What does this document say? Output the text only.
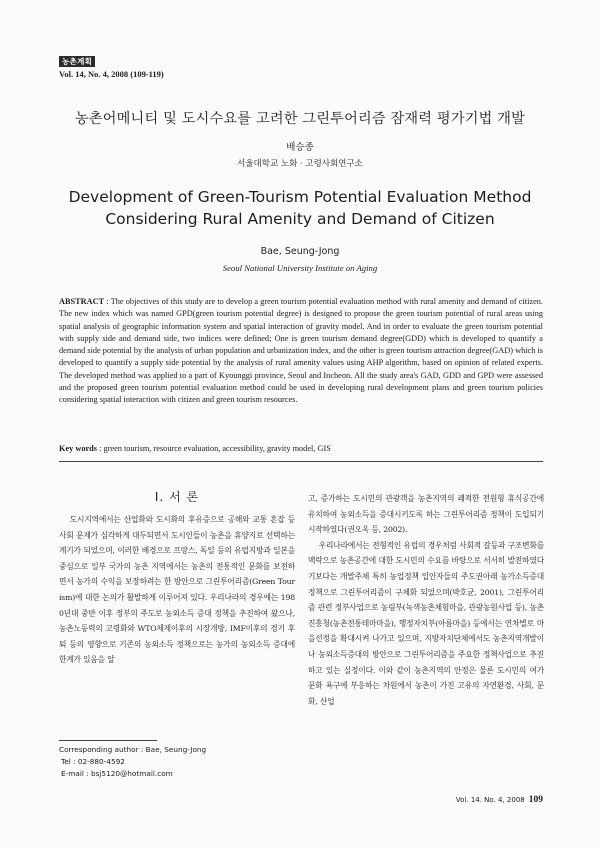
농촌계획
Vol. 14, No. 4, 2008 (109-119)
농촌어메니티 및 도시수요를 고려한 그린투어리즘 잠재력 평가기법 개발
배승종
서울대학교 노화 · 고령사회연구소
Development of Green-Tourism Potential Evaluation Method
Considering Rural Amenity and Demand of Citizen
Bae, Seung-Jong
Seoul National University Institute on Aging

ABSTRACT : The objectives of this study are to develop a green tourism potential evaluation method with rural amenity and demand of citizen. The new index which was named GPD(green tourism potential degree) is designed to propose the green tourism potential of rural areas using spatial analysis of geographic information system and spatial interaction of gravity model. And in order to evaluate the green tourism potential with supply side and demand side, two indices were defined; One is green tourism demand degree(GDD) which is developed to quantify a demand side potential by the analysis of urban population and urbanization index, and the other is green tourism attraction degree(GAD) which is developed to quantify a supply side potential by the analysis of rural amenity values using AHP algorithm, based on opinion of related experts. The developed method was applied to a part of Kyounggi province, Seoul and Incheon. All the study area's GAD, GDD and GPD were assessed and the proposed green tourism potential evaluation method could be used in developing rural development plans and green tourism policies considering spatial interaction with citizen and green tourism resources.

Key words : green tourism, resource evaluation, accessibility, gravity model, GIS
I. 서 론

도시지역에서는 산업화와 도시화의 후유증으로 공해와 교통 혼잡 등 사회 문제가 심각하게 대두되면서 도시인들이 농촌을 휴양지로 선택하는 계기가 되었으며, 이러한 배경으로 프랑스, 독일 등의 유럽지방과 일본을 중심으로 일부 국가의 농촌 지역에서는 농촌의 전통적인 문화를 보전하면서 농가의 수익을 보장하려는 한 방안으로 그린투어리즘(Green Tourism)에 대한 논의가 활발하게 이루어져 있다. 우리나라의 경우에는 1980년대 중반 이후 정부의 주도로 농외소득 증대 정책을 추진하여 왔으나, 농촌노동력의 고령화와 WTO체제이후의 시장개방, IMF이후의 경기 후퇴 등의 영향으로 기존의 농외소득 정책으로는 농가의 농외소득 증대에 한계가 있음을 알

고, 증가하는 도시민의 관광객을 농촌지역의 쾌적한 전원형 휴식공간에 유치하여 농외소득을 증대시키도록 하는 그린투어리즘 정책이 도입되기 시작하였다(권오옥 등, 2002).

우리나라에서는 전형적인 유럽의 경우처럼 사회적 갈등과 구조변화를 맥락으로 농촌공간에 대한 도시민의 수요를 바탕으로 서서히 발전하였다기보다는 개발주체 특히 농업정책 입안자들의 주도권아래 농가소득증대정책으로 그린투어리즘이 구체화 되었으며(박호균, 2001), 그린투어리즘 관련 정부사업으로 농림부(녹색농촌체험마을, 관광농원사업 등), 농촌진흥청(농촌전통테마마을), 행정자치부(아름마을) 등에서는 연차별로 마을선정을 확대시켜 나가고 있으며, 지방자치단체에서도 농촌지역개발이나 농외소득증대의 방안으로 그린투어리즘을 주요한 정책사업으로 추진하고 있는 실정이다. 이와 같이 농촌지역의 안정은 물론 도시민의 여가 문화 욕구에 부응하는 차원에서 농촌이 가진 고유의 자연환경, 사회, 문화, 산업

Corresponding author : Bae, Seung-Jong
Tel : 02-880-4592
E-mail : bsj5120@hotmail.com
Vol. 14. No. 4, 2008 109
